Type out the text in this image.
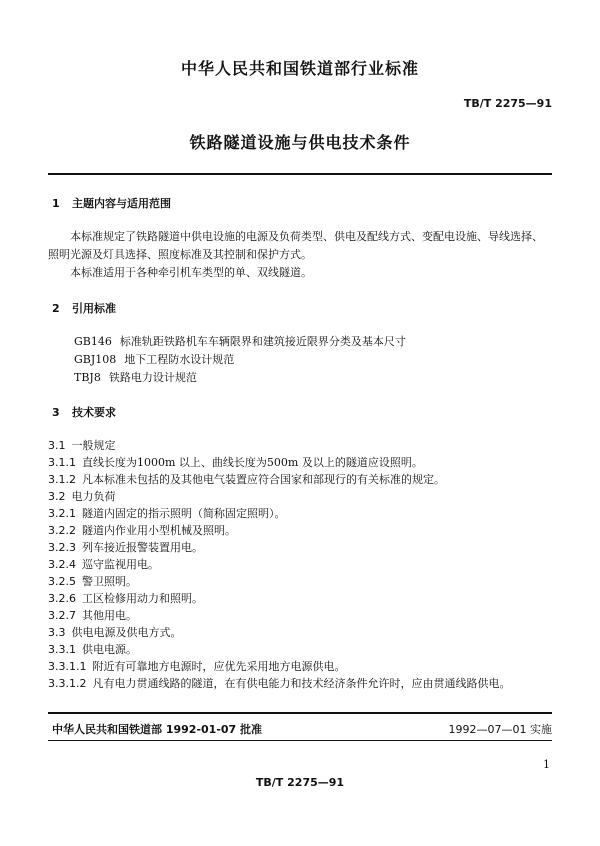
中华人民共和国铁道部行业标准
TB/T 2275—91
铁路隧道设施与供电技术条件
1 主题内容与适用范围
本标准规定了铁路隧道中供电设施的电源及负荷类型、供电及配线方式、变配电设施、导线选择、照明光源及灯具选择、照度标准及其控制和保护方式。
本标准适用于各种牵引机车类型的单、双线隧道。
2 引用标准
GB146 标准轨距铁路机车车辆限界和建筑接近限界分类及基本尺寸
GBJ108 地下工程防水设计规范
TBJ8 铁路电力设计规范
3 技术要求
3.1 一般规定
3.1.1 直线长度为1000m 以上、曲线长度为500m 及以上的隧道应设照明。
3.1.2 凡本标准未包括的及其他电气装置应符合国家和部现行的有关标准的规定。
3.2 电力负荷
3.2.1 隧道内固定的指示照明（简称固定照明）。
3.2.2 隧道内作业用小型机械及照明。
3.2.3 列车接近报警装置用电。
3.2.4 巡守监视用电。
3.2.5 警卫照明。
3.2.6 工区检修用动力和照明。
3.2.7 其他用电。
3.3 供电电源及供电方式。
3.3.1 供电电源。
3.3.1.1 附近有可靠地方电源时，应优先采用地方电源供电。
3.3.1.2 凡有电力贯通线路的隧道，在有供电能力和技术经济条件允许时，应由贯通线路供电。
中华人民共和国铁道部 1992-01-07 批准	1992—07—01 实施
1
TB/T 2275—91
